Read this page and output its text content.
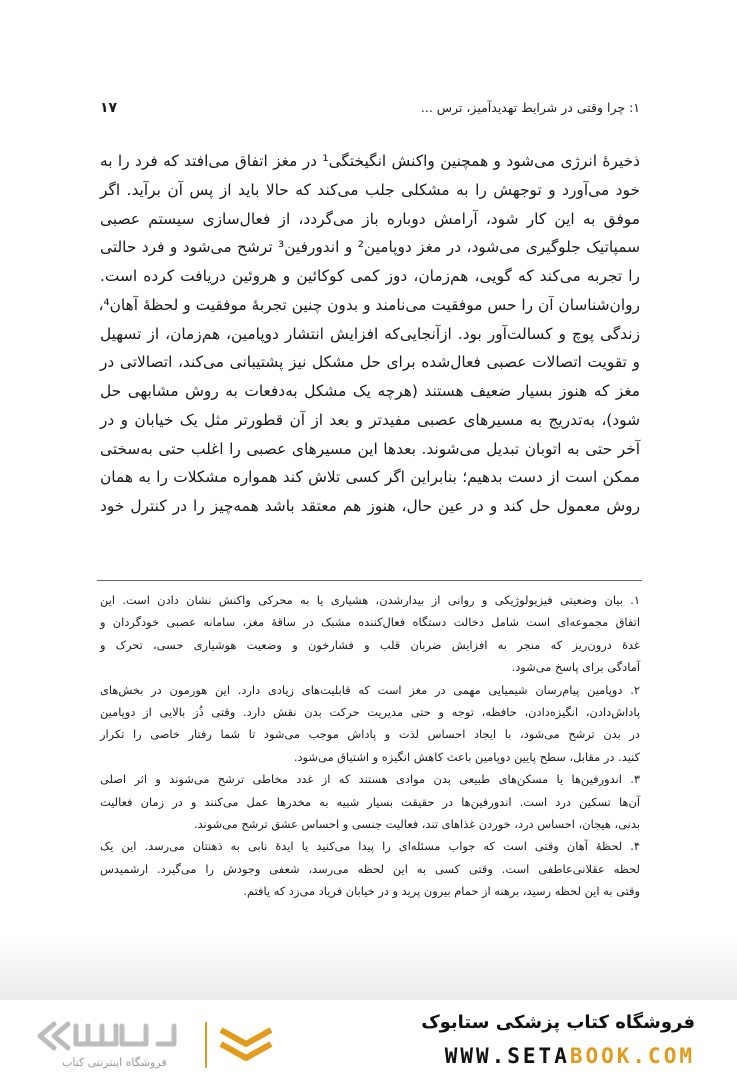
۱: چرا وقتی در شرایط تهدیدآمیز، ترس ...
۱۷
ذخیرهٔ انرژی می‌شود و همچنین واکنش انگیختگی¹ در مغز اتفاق می‌افتد که فرد را به
خود می‌آورد و توجهش را به مشکلی جلب می‌کند که حالا باید از پس آن برآید. اگر
موفق به این کار شود، آرامش دوباره باز می‌گردد، از فعال‌سازی سیستم عصبی
سمپاتیک جلوگیری می‌شود، در مغز دوپامین² و اندورفین³ ترشح می‌شود و فرد حالتی
را تجربه می‌کند که گویی، هم‌زمان، دوز کمی کوکائین و هروئین دریافت کرده است.
روان‌شناسان آن را حس موفقیت می‌نامند و بدون چنین تجربهٔ موفقیت و لحظهٔ آهان⁴،
زندگی پوچ و کسالت‌آور بود. ازآنجایی‌که افزایش انتشار دوپامین، هم‌زمان، از تسهیل
و تقویت اتصالات عصبی فعال‌شده برای حل مشکل نیز پشتیبانی می‌کند، اتصالاتی در
مغز که هنوز بسیار ضعیف هستند (هرچه یک مشکل به‌دفعات به روش مشابهی حل
شود)، به‌تدریج به مسیرهای عصبی مفیدتر و بعد از آن قطورتر مثل یک خیابان و در
آخر حتی به اتوبان تبدیل می‌شوند. بعدها این مسیرهای عصبی را اغلب حتی به‌سختی
ممکن است از دست بدهیم؛ بنابراین اگر کسی تلاش کند همواره مشکلات را به همان
روش معمول حل کند و در عین حال، هنوز هم معتقد باشد همه‌چیز را در کنترل خود
۱. بیان وضعیتی فیزیولوژیکی و روانی از بیدارشدن، هشیاری یا به محرکی واکنش نشان دادن است. این
اتفاق مجموعه‌ای است شامل دخالت دستگاه فعال‌کننده مشبک در ساقهٔ مغز، سامانه عصبی خودگردان و
غدهٔ درون‌ریز که منجر به افزایش ضربان قلب و فشارخون و وضعیت هوشیاری حسی، تحرک و
آمادگی برای پاسخ می‌شود.
۲. دوپامین پیام‌رسان شیمیایی مهمی در مغز است که قابلیت‌های زیادی دارد. این هورمون در بخش‌های
پاداش‌دادن، انگیزه‌دادن، حافظه، توجه و حتی مدیریت حرکت بدن نقش دارد. وقتی ذُز بالایی از دوپامین
در بدن ترشح می‌شود، با ایجاد احساس لذت و پاداش موجب می‌شود تا شما رفتار خاصی را تکرار
کنید. در مقابل، سطح پایین دوپامین باعث کاهش انگیزه و اشتیاق می‌شود.
۳. اندورفین‌ها یا مسکن‌های طبیعی بدن موادی هستند که از غدد مخاطی ترشح می‌شوند و اثر اصلی
آن‌ها تسکین درد است. اندورفین‌ها در حقیقت بسیار شبیه به مخدرها عمل می‌کنند و در زمان فعالیت
بدنی، هیجان، احساس درد، خوردن غذاهای تند، فعالیت جنسی و احساس عشق ترشح می‌شوند.
۴. لحظهٔ آهان وقتی است که جواب مسئله‌ای را پیدا می‌کنید یا ایدهٔ نابی به ذهنتان می‌رسد. این یک
لحظه عقلانی‌عاطفی است. وقتی کسی به این لحظه می‌رسد، شعفی وجودش را می‌گیرد. ارشمیدس
وقتی به این لحظه رسید، برهنه از حمام بیرون پرید و در خیابان فریاد می‌زد که یافتم.
فروشگاه اینترنتی کتاب
فروشگاه کتاب پزشکی ستابوک
WWW.SETABOOK.COM
